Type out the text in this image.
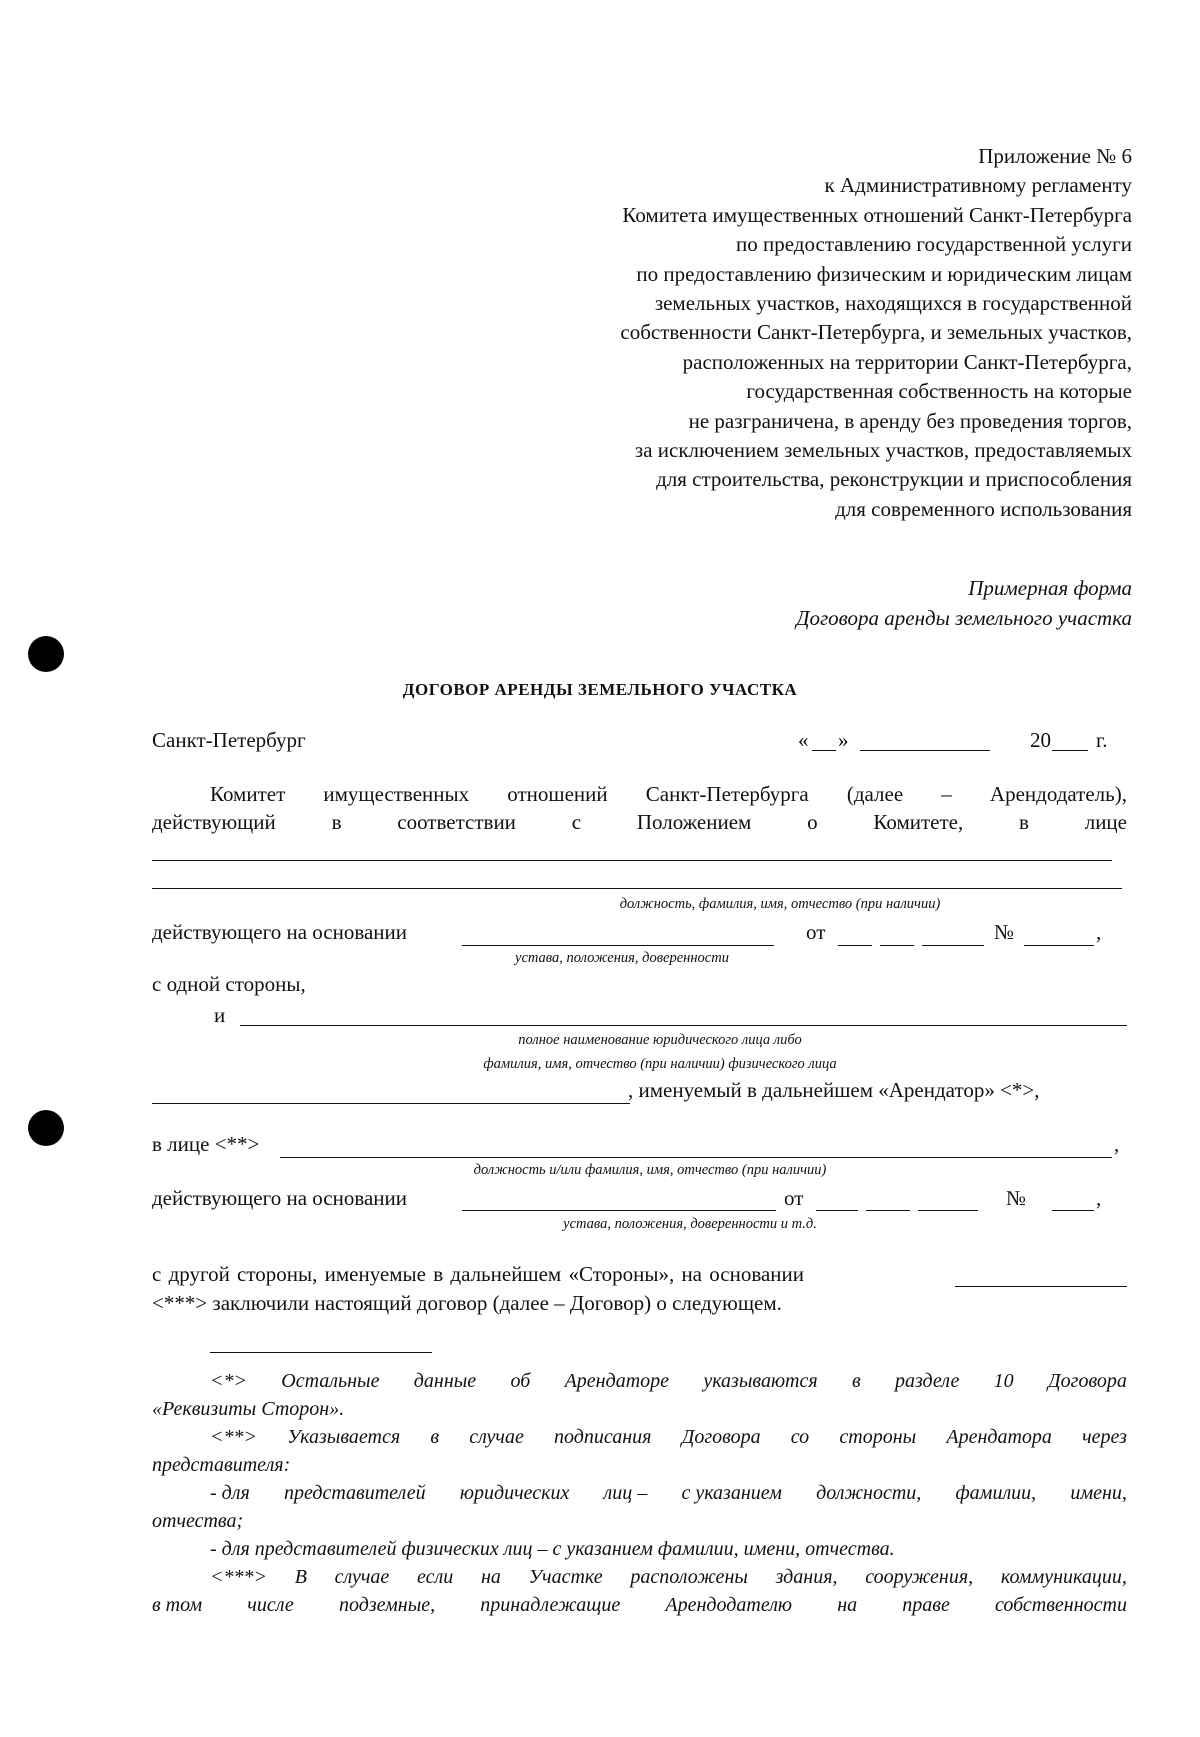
Приложение № 6
к Административному регламенту
Комитета имущественных отношений Санкт-Петербурга
по предоставлению государственной услуги
по предоставлению физическим и юридическим лицам
земельных участков, находящихся в государственной
собственности Санкт-Петербурга, и земельных участков,
расположенных на территории Санкт-Петербурга,
государственная собственность на которые
не разграничена, в аренду без проведения торгов,
за исключением земельных участков, предоставляемых
для строительства, реконструкции и приспособления
для современного использования
Примерная форма
Договора аренды земельного участка
ДОГОВОР АРЕНДЫ ЗЕМЕЛЬНОГО УЧАСТКА
Санкт-Петербург	« »	20 г.
Комитет имущественных отношений Санкт-Петербурга (далее – Арендодатель),
действующий	в	соответствии	с	Положением	о	Комитете,	в	лице
должность, фамилия, имя, отчество (при наличии)
действующего на основании	от	№	,
устава, положения, доверенности
с одной стороны,
и
полное наименование юридического лица либо
фамилия, имя, отчество (при наличии) физического лица
, именуемый в дальнейшем «Арендатор» <*>,
в лице <**>	,
должность и/или фамилия, имя, отчество (при наличии)
действующего на основании	от	№	,
устава, положения, доверенности и т.д.
с другой стороны, именуемые в дальнейшем «Стороны», на основании
<***> заключили настоящий договор (далее – Договор) о следующем.
<*> Остальные данные об Арендаторе указываются в разделе 10 Договора
«Реквизиты Сторон».
<**> Указывается в случае подписания Договора со стороны Арендатора через
представителя:
- для представителей юридических лиц – с указанием должности, фамилии, имени,
отчества;
- для представителей физических лиц – с указанием фамилии, имени, отчества.
<***> В случае если на Участке расположены здания, сооружения, коммуникации,
в том числе подземные, принадлежащие Арендодателю на праве собственности
